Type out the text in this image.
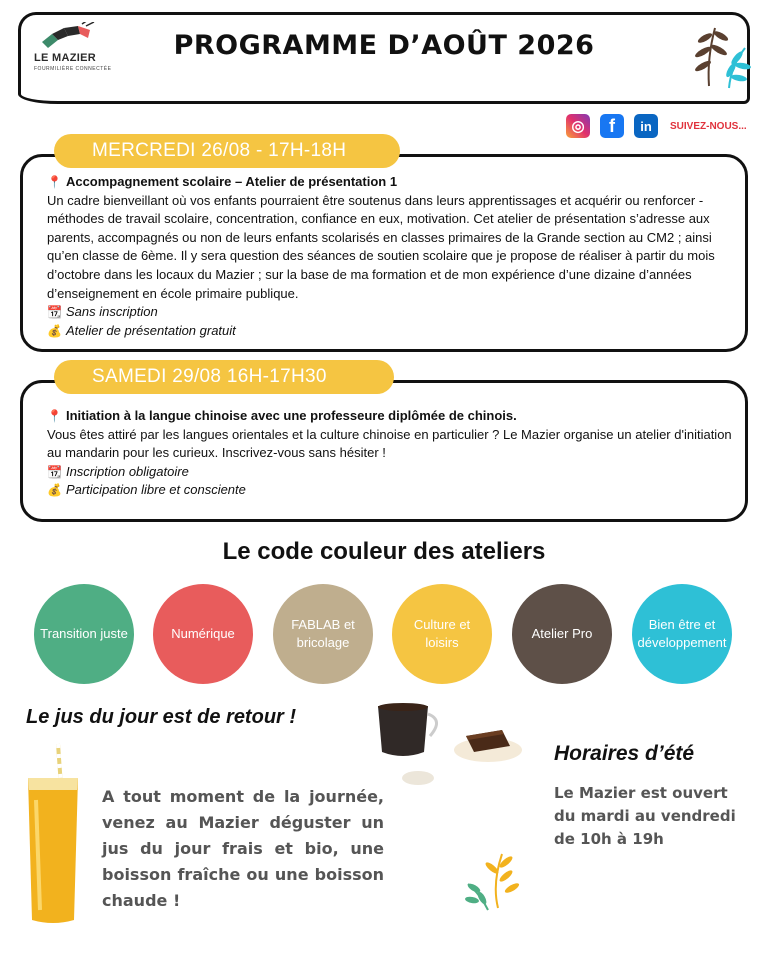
LE MAZIER
FOURMILIÈRE CONNECTÉE
PROGRAMME D’AOÛT 2026
◎	f	in	SUIVEZ-NOUS...
📍 Accompagnement scolaire – Atelier de présentation 1
Un cadre bienveillant où vos enfants pourraient être soutenus dans leurs apprentissages et acquérir ou renforcer - méthodes de travail scolaire, concentration, confiance en eux, motivation. Cet atelier de présentation s’adresse aux parents, accompagnés ou non de leurs enfants scolarisés en classes primaires de la Grande section au CM2 ; ainsi qu’en classe de 6ème. Il y sera question des séances de soutien scolaire que je propose de réaliser à partir du mois d’octobre dans les locaux du Mazier ; sur la base de ma formation et de mon expérience d’une dizaine d’années d’enseignement en école primaire publique.
📆 Sans inscription
💰 Atelier de présentation gratuit
MERCREDI 26/08 - 17H-18H
📍 Initiation à la langue chinoise avec une professeure diplômée de chinois.
Vous êtes attiré par les langues orientales et la culture chinoise en particulier ? Le Mazier organise un atelier d'initiation au mandarin pour les curieux. Inscrivez-vous sans hésiter !
📆 Inscription obligatoire
💰 Participation libre et consciente
SAMEDI 29/08 16H-17H30
Le code couleur des ateliers
Transition juste	Numérique
FABLAB et bricolage
Culture et loisirs
Atelier Pro
Bien être et développement
Le jus du jour est de retour !
A tout moment de la journée, venez au Mazier déguster un jus du jour frais et bio, une boisson fraîche ou une boisson chaude !
Horaires d’été
Le Mazier est ouvert du mardi au vendredi de 10h à 19h
